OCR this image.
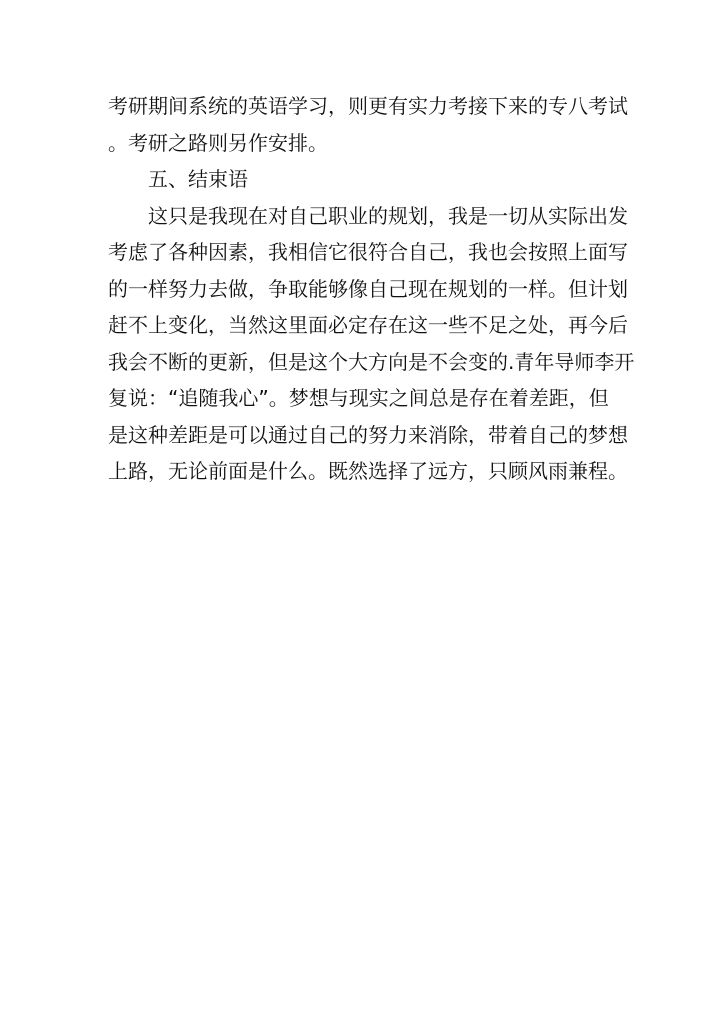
考研期间系统的英语学习，则更有实力考接下来的专八考试
。考研之路则另作安排。
五、结束语
这只是我现在对自己职业的规划，我是一切从实际出发
考虑了各种因素，我相信它很符合自己，我也会按照上面写
的一样努力去做，争取能够像自己现在规划的一样。但计划
赶不上变化，当然这里面必定存在这一些不足之处，再今后
我会不断的更新，但是这个大方向是不会变的.青年导师李开
复说：“追随我心”。梦想与现实之间总是存在着差距，但
是这种差距是可以通过自己的努力来消除，带着自己的梦想
上路，无论前面是什么。既然选择了远方，只顾风雨兼程。
